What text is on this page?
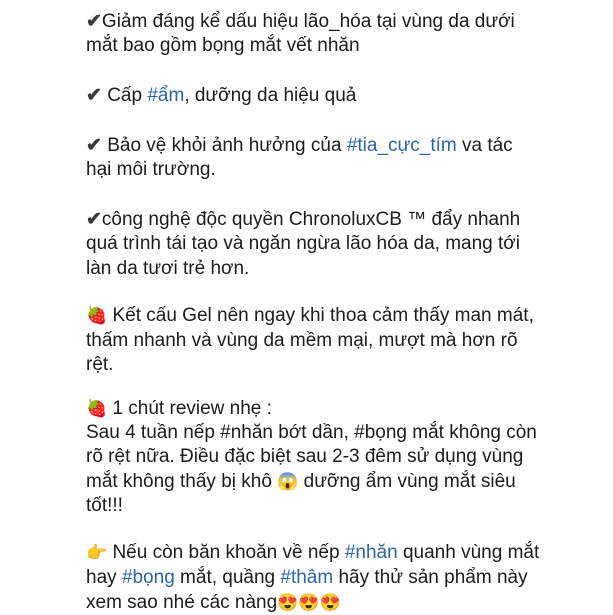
✔Giảm đáng kể dấu hiệu lão_hóa tại vùng da dưới
mắt bao gồm bọng mắt vết nhăn
✔ Cấp #ẩm, dưỡng da hiệu quả
✔ Bảo vệ khỏi ảnh hưởng của #tia_cực_tím va tác
hại môi trường.
✔công nghệ độc quyền ChronoluxCB ™ đẩy nhanh
quá trình tái tạo và ngăn ngừa lão hóa da, mang tới
làn da tươi trẻ hơn.
🍓 Kết cấu Gel nên ngay khi thoa cảm thấy man mát,
thấm nhanh và vùng da mềm mại, mượt mà hơn rõ
rệt.
🍓 1 chút review nhẹ :
Sau 4 tuần nếp #nhăn bớt dần, #bọng mắt không còn
rõ rệt nữa. Điều đặc biệt sau 2-3 đêm sử dụng vùng
mắt không thấy bị khô 😱 dưỡng ẩm vùng mắt siêu
tốt!!!
👉 Nếu còn băn khoăn về nếp #nhăn quanh vùng mắt
hay #bọng mắt, quầng #thâm hãy thử sản phẩm này
xem sao nhé các nàng😍😍😍
